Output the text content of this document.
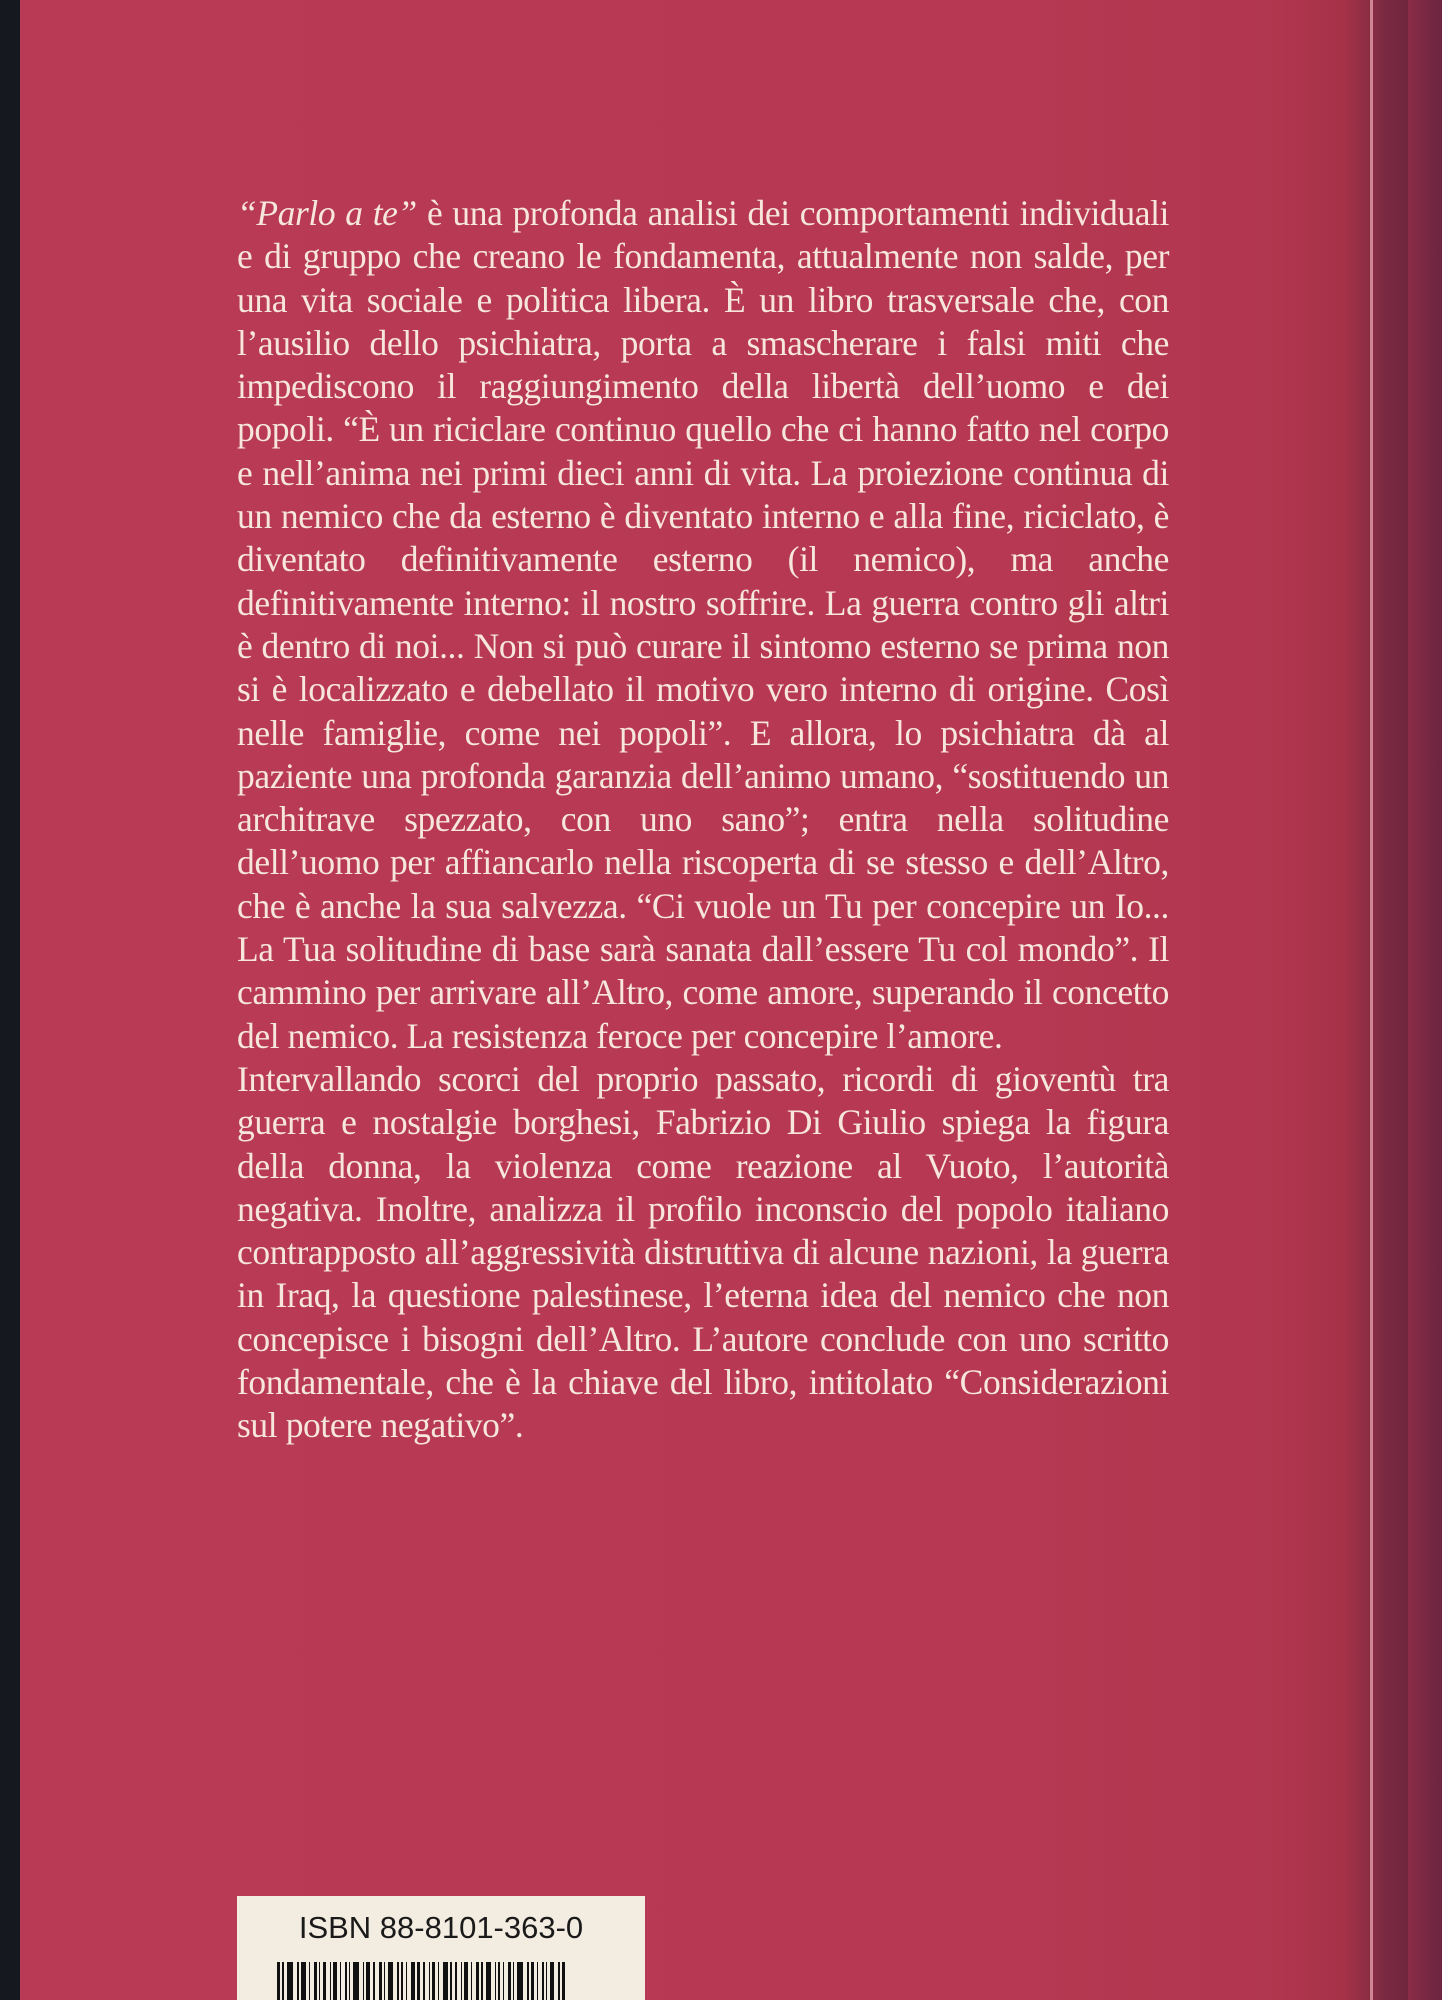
“Parlo a te” è una profonda analisi dei comportamenti individuali e di gruppo che creano le fondamenta, attualmente non salde, per una vita sociale e politica libera. È un libro trasversale che, con l’ausilio dello psichiatra, porta a smascherare i falsi miti che impediscono il raggiungimento della libertà dell’uomo e dei popoli. “È un riciclare continuo quello che ci hanno fatto nel corpo e nell’anima nei primi dieci anni di vita. La proiezione continua di un nemico che da esterno è diventato interno e alla fine, riciclato, è diventato definitivamente esterno (il nemico), ma anche definitivamente interno: il nostro soffrire. La guerra contro gli altri è dentro di noi... Non si può curare il sintomo esterno se prima non si è localizzato e debellato il motivo vero interno di origine. Così nelle famiglie, come nei popoli”. E allora, lo psichiatra dà al paziente una profonda garanzia dell’animo umano, “sostituendo un architrave spezzato, con uno sano”; entra nella solitudine dell’uomo per affiancarlo nella riscoperta di se stesso e dell’Altro, che è anche la sua salvezza. “Ci vuole un Tu per concepire un Io... La Tua solitudine di base sarà sanata dall’essere Tu col mondo”. Il cammino per arrivare all’Altro, come amore, superando il concetto del nemico. La resistenza feroce per concepire l’amore.

Intervallando scorci del proprio passato, ricordi di gioventù tra guerra e nostalgie borghesi, Fabrizio Di Giulio spiega la figura della donna, la violenza come reazione al Vuoto, l’autorità negativa. Inoltre, analizza il profilo inconscio del popolo italiano contrapposto all’aggressività distruttiva di alcune nazioni, la guerra in Iraq, la questione palestinese, l’eterna idea del nemico che non concepisce i bisogni dell’Altro. L’autore conclude con uno scritto fondamentale, che è la chiave del libro, intitolato “Considerazioni sul potere negativo”.

ISBN 88-8101-363-0
